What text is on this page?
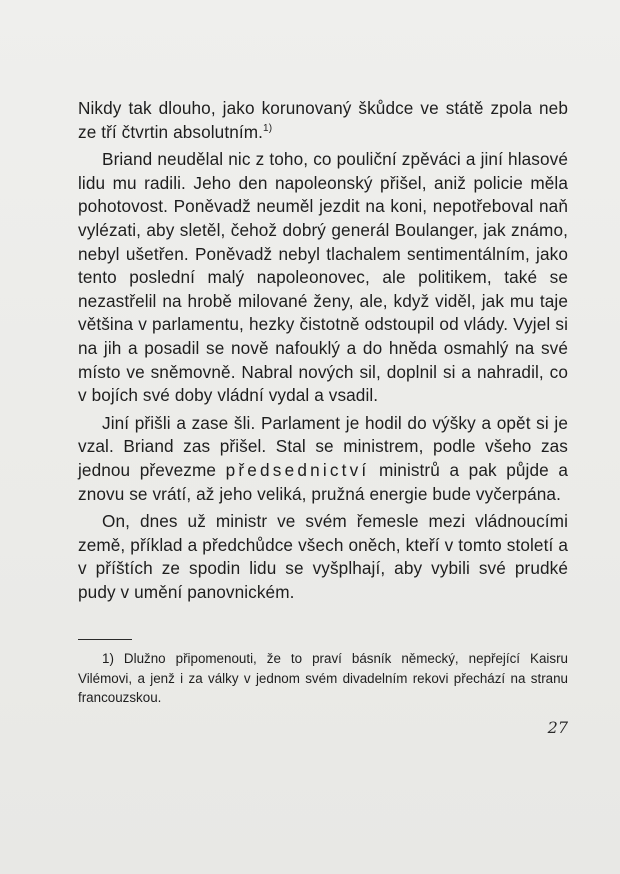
Nikdy tak dlouho, jako korunovaný škůdce ve státě zpola neb ze tří čtvrtin absolutním.$^{1)}$

Briand neudělal nic z toho, co pouliční zpěváci a jiní hlasové lidu mu radili. Jeho den napoleonský přišel, aniž policie měla pohotovost. Poněvadž neuměl jezdit na koni, nepotřeboval naň vylézati, aby sletěl, čehož dobrý generál Boulanger, jak známo, nebyl ušetřen. Poněvadž nebyl tlachalem sentimentálním, jako tento poslední malý napoleonovec, ale politikem, také se nezastřelil na hrobě milované ženy, ale, když viděl, jak mu taje většina v parlamentu, hezky čistotně odstoupil od vlády. Vyjel si na jih a posadil se nově nafouklý a do hněda osmahlý na své místo ve sněmovně. Nabral nových sil, doplnil si a nahradil, co v bojích své doby vládní vydal a vsadil.

Jiní přišli a zase šli. Parlament je hodil do výšky a opět si je vzal. Briand zas přišel. Stal se ministrem, podle všeho zas jednou převezme předsednictví ministrů a pak půjde a znovu se vrátí, až jeho veliká, pružná energie bude vyčerpána.

On, dnes už ministr ve svém řemesle mezi vládnoucími země, příklad a předchůdce všech oněch, kteří v tomto století a v příštích ze spodin lidu se vyšplhají, aby vybili své prudké pudy v umění panovnickém.

1) Dlužno připomenouti, že to praví básník německý, nepřející Kaisru Vilémovi, a jenž i za války v jednom svém divadelním rekovi přechází na stranu francouzskou.
27
